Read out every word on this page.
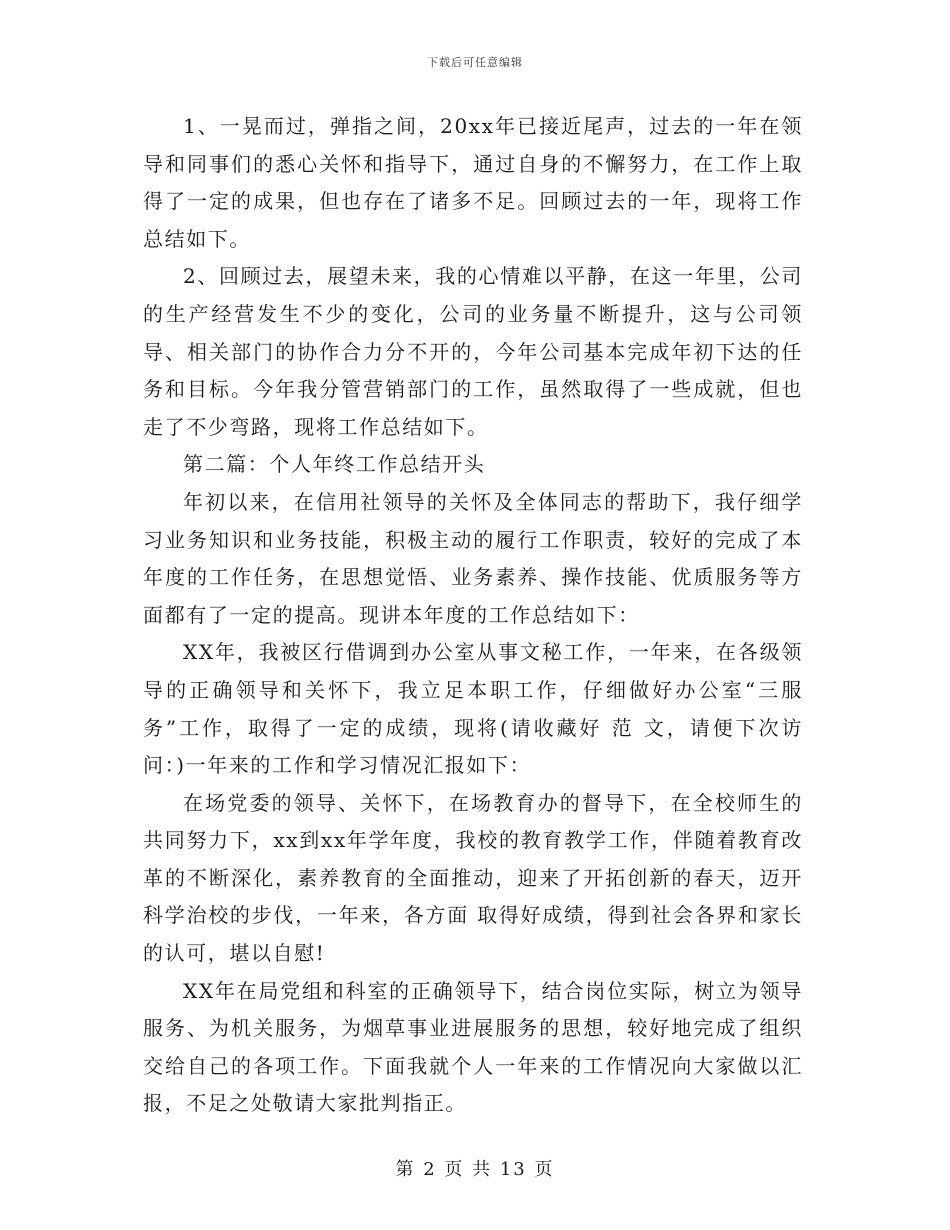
下载后可任意编辑

1、一晃而过，弹指之间，20xx年已接近尾声，过去的一年在领导和同事们的悉心关怀和指导下，通过自身的不懈努力，在工作上取得了一定的成果，但也存在了诸多不足。回顾过去的一年，现将工作总结如下。

2、回顾过去，展望未来，我的心情难以平静，在这一年里，公司的生产经营发生不少的变化，公司的业务量不断提升，这与公司领导、相关部门的协作合力分不开的，今年公司基本完成年初下达的任务和目标。今年我分管营销部门的工作，虽然取得了一些成就，但也走了不少弯路，现将工作总结如下。

第二篇：个人年终工作总结开头

年初以来，在信用社领导的关怀及全体同志的帮助下，我仔细学习业务知识和业务技能，积极主动的履行工作职责，较好的完成了本年度的工作任务，在思想觉悟、业务素养、操作技能、优质服务等方面都有了一定的提高。现讲本年度的工作总结如下：

XX年，我被区行借调到办公室从事文秘工作，一年来，在各级领导的正确领导和关怀下，我立足本职工作，仔细做好办公室“三服务”工作，取得了一定的成绩，现将(请收藏好 范 文，请便下次访问：)一年来的工作和学习情况汇报如下：

在场党委的领导、关怀下，在场教育办的督导下，在全校师生的共同努力下，xx到xx年学年度，我校的教育教学工作，伴随着教育改革的不断深化，素养教育的全面推动，迎来了开拓创新的春天，迈开科学治校的步伐，一年来，各方面 取得好成绩，得到社会各界和家长的认可，堪以自慰!

XX年在局党组和科室的正确领导下，结合岗位实际，树立为领导服务、为机关服务，为烟草事业进展服务的思想，较好地完成了组织交给自己的各项工作。下面我就个人一年来的工作情况向大家做以汇报，不足之处敬请大家批判指正。

第 2 页 共 13 页
